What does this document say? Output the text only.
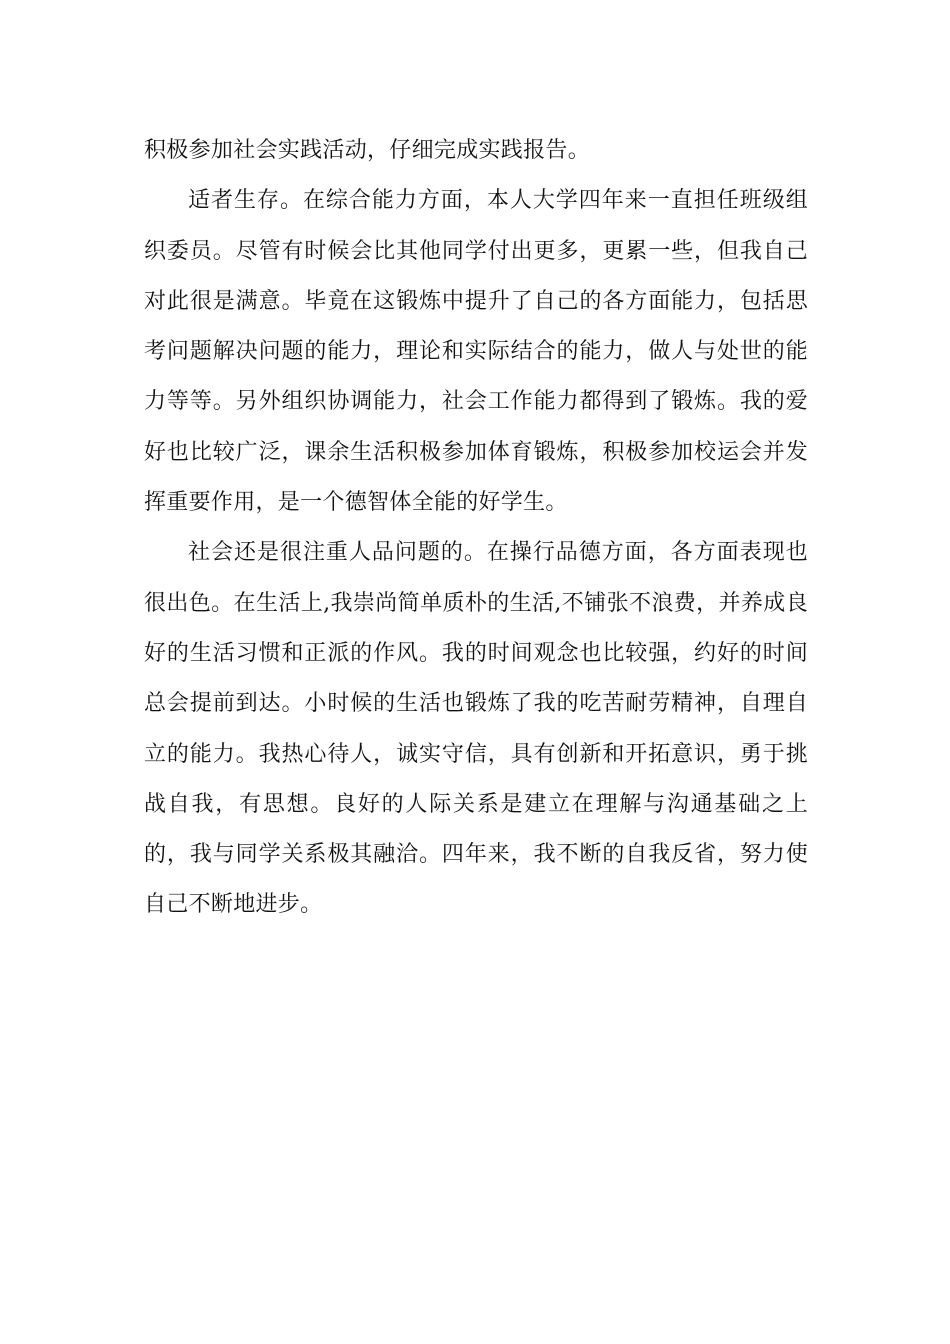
积极参加社会实践活动，仔细完成实践报告。

适者生存。在综合能力方面，本人大学四年来一直担任班级组织委员。尽管有时候会比其他同学付出更多，更累一些，但我自己对此很是满意。毕竟在这锻炼中提升了自己的各方面能力，包括思考问题解决问题的能力，理论和实际结合的能力，做人与处世的能力等等。另外组织协调能力，社会工作能力都得到了锻炼。我的爱好也比较广泛，课余生活积极参加体育锻炼，积极参加校运会并发挥重要作用，是一个德智体全能的好学生。

社会还是很注重人品问题的。在操行品德方面，各方面表现也很出色。在生活上,我崇尚简单质朴的生活,不铺张不浪费，并养成良好的生活习惯和正派的作风。我的时间观念也比较强，约好的时间总会提前到达。小时候的生活也锻炼了我的吃苦耐劳精神，自理自立的能力。我热心待人，诚实守信，具有创新和开拓意识，勇于挑战自我，有思想。良好的人际关系是建立在理解与沟通基础之上的，我与同学关系极其融洽。四年来，我不断的自我反省，努力使自己不断地进步。
